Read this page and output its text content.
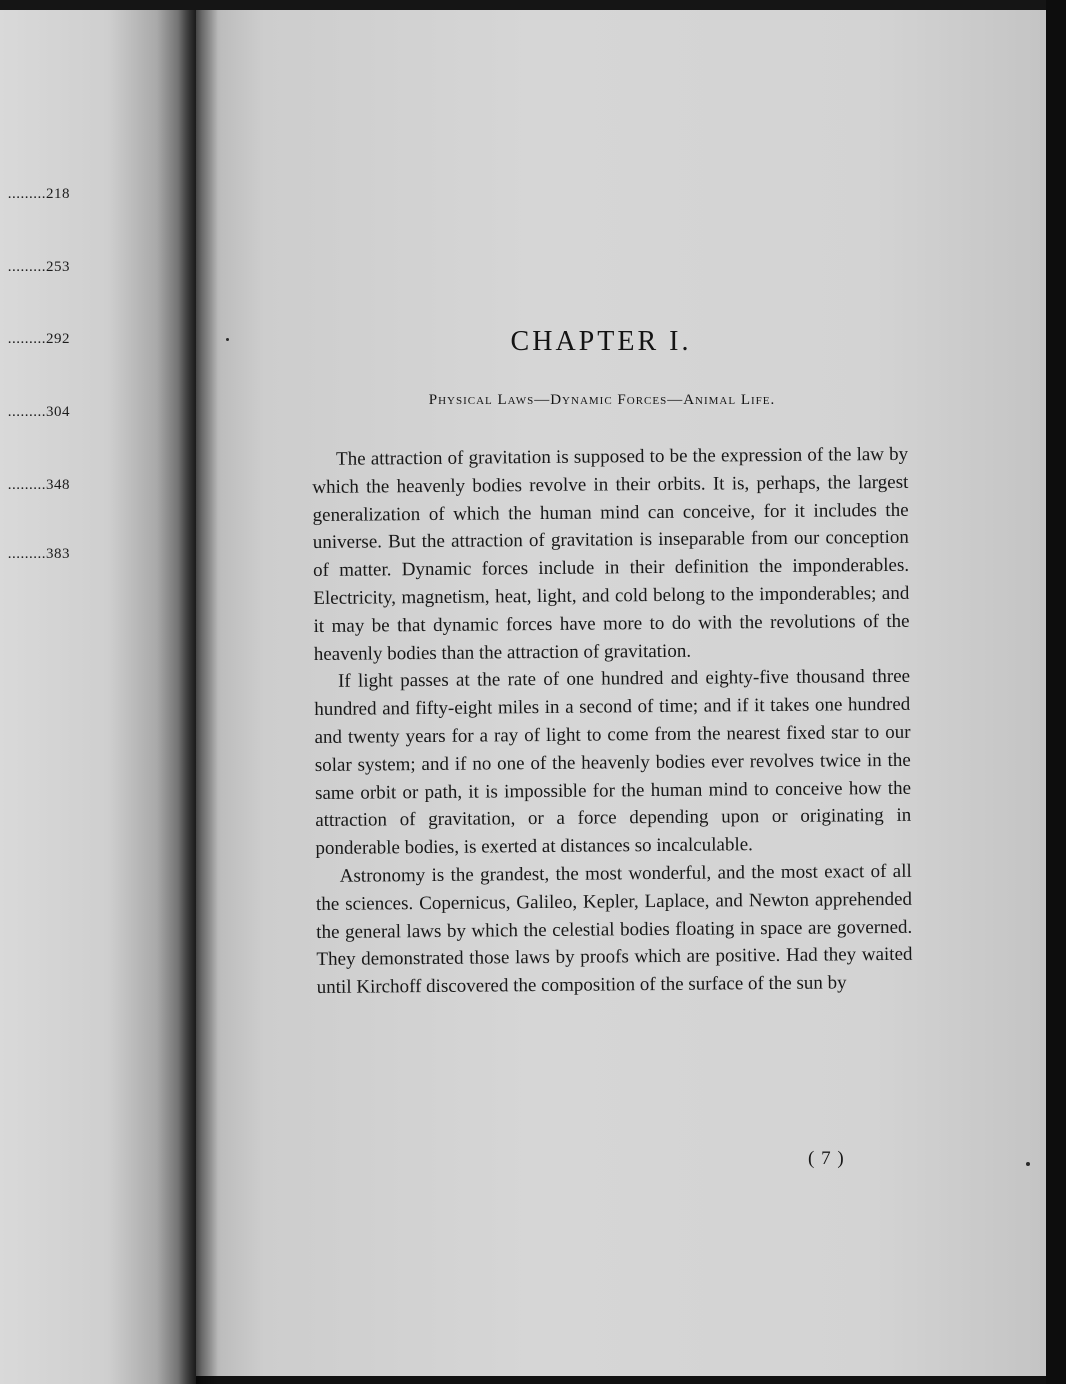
.........218
.........253
.........292
.........304
.........348
.........383
CHAPTER I.
Physical Laws—Dynamic Forces—Animal Life.

The attraction of gravitation is supposed to be the expression of the law by which the heavenly bodies revolve in their orbits. It is, perhaps, the largest generalization of which the human mind can conceive, for it includes the universe. But the attraction of gravitation is inseparable from our conception of matter. Dynamic forces include in their definition the imponderables. Electricity, magnetism, heat, light, and cold belong to the imponderables; and it may be that dynamic forces have more to do with the revolutions of the heavenly bodies than the attraction of gravitation.

If light passes at the rate of one hundred and eighty-five thousand three hundred and fifty-eight miles in a second of time; and if it takes one hundred and twenty years for a ray of light to come from the nearest fixed star to our solar system; and if no one of the heavenly bodies ever revolves twice in the same orbit or path, it is impossible for the human mind to conceive how the attraction of gravitation, or a force depending upon or originating in ponderable bodies, is exerted at distances so incalculable.

Astronomy is the grandest, the most wonderful, and the most exact of all the sciences. Copernicus, Galileo, Kepler, Laplace, and Newton apprehended the general laws by which the celestial bodies floating in space are governed. They demonstrated those laws by proofs which are positive. Had they waited until Kirchoff discovered the composition of the surface of the sun by

( 7 )
